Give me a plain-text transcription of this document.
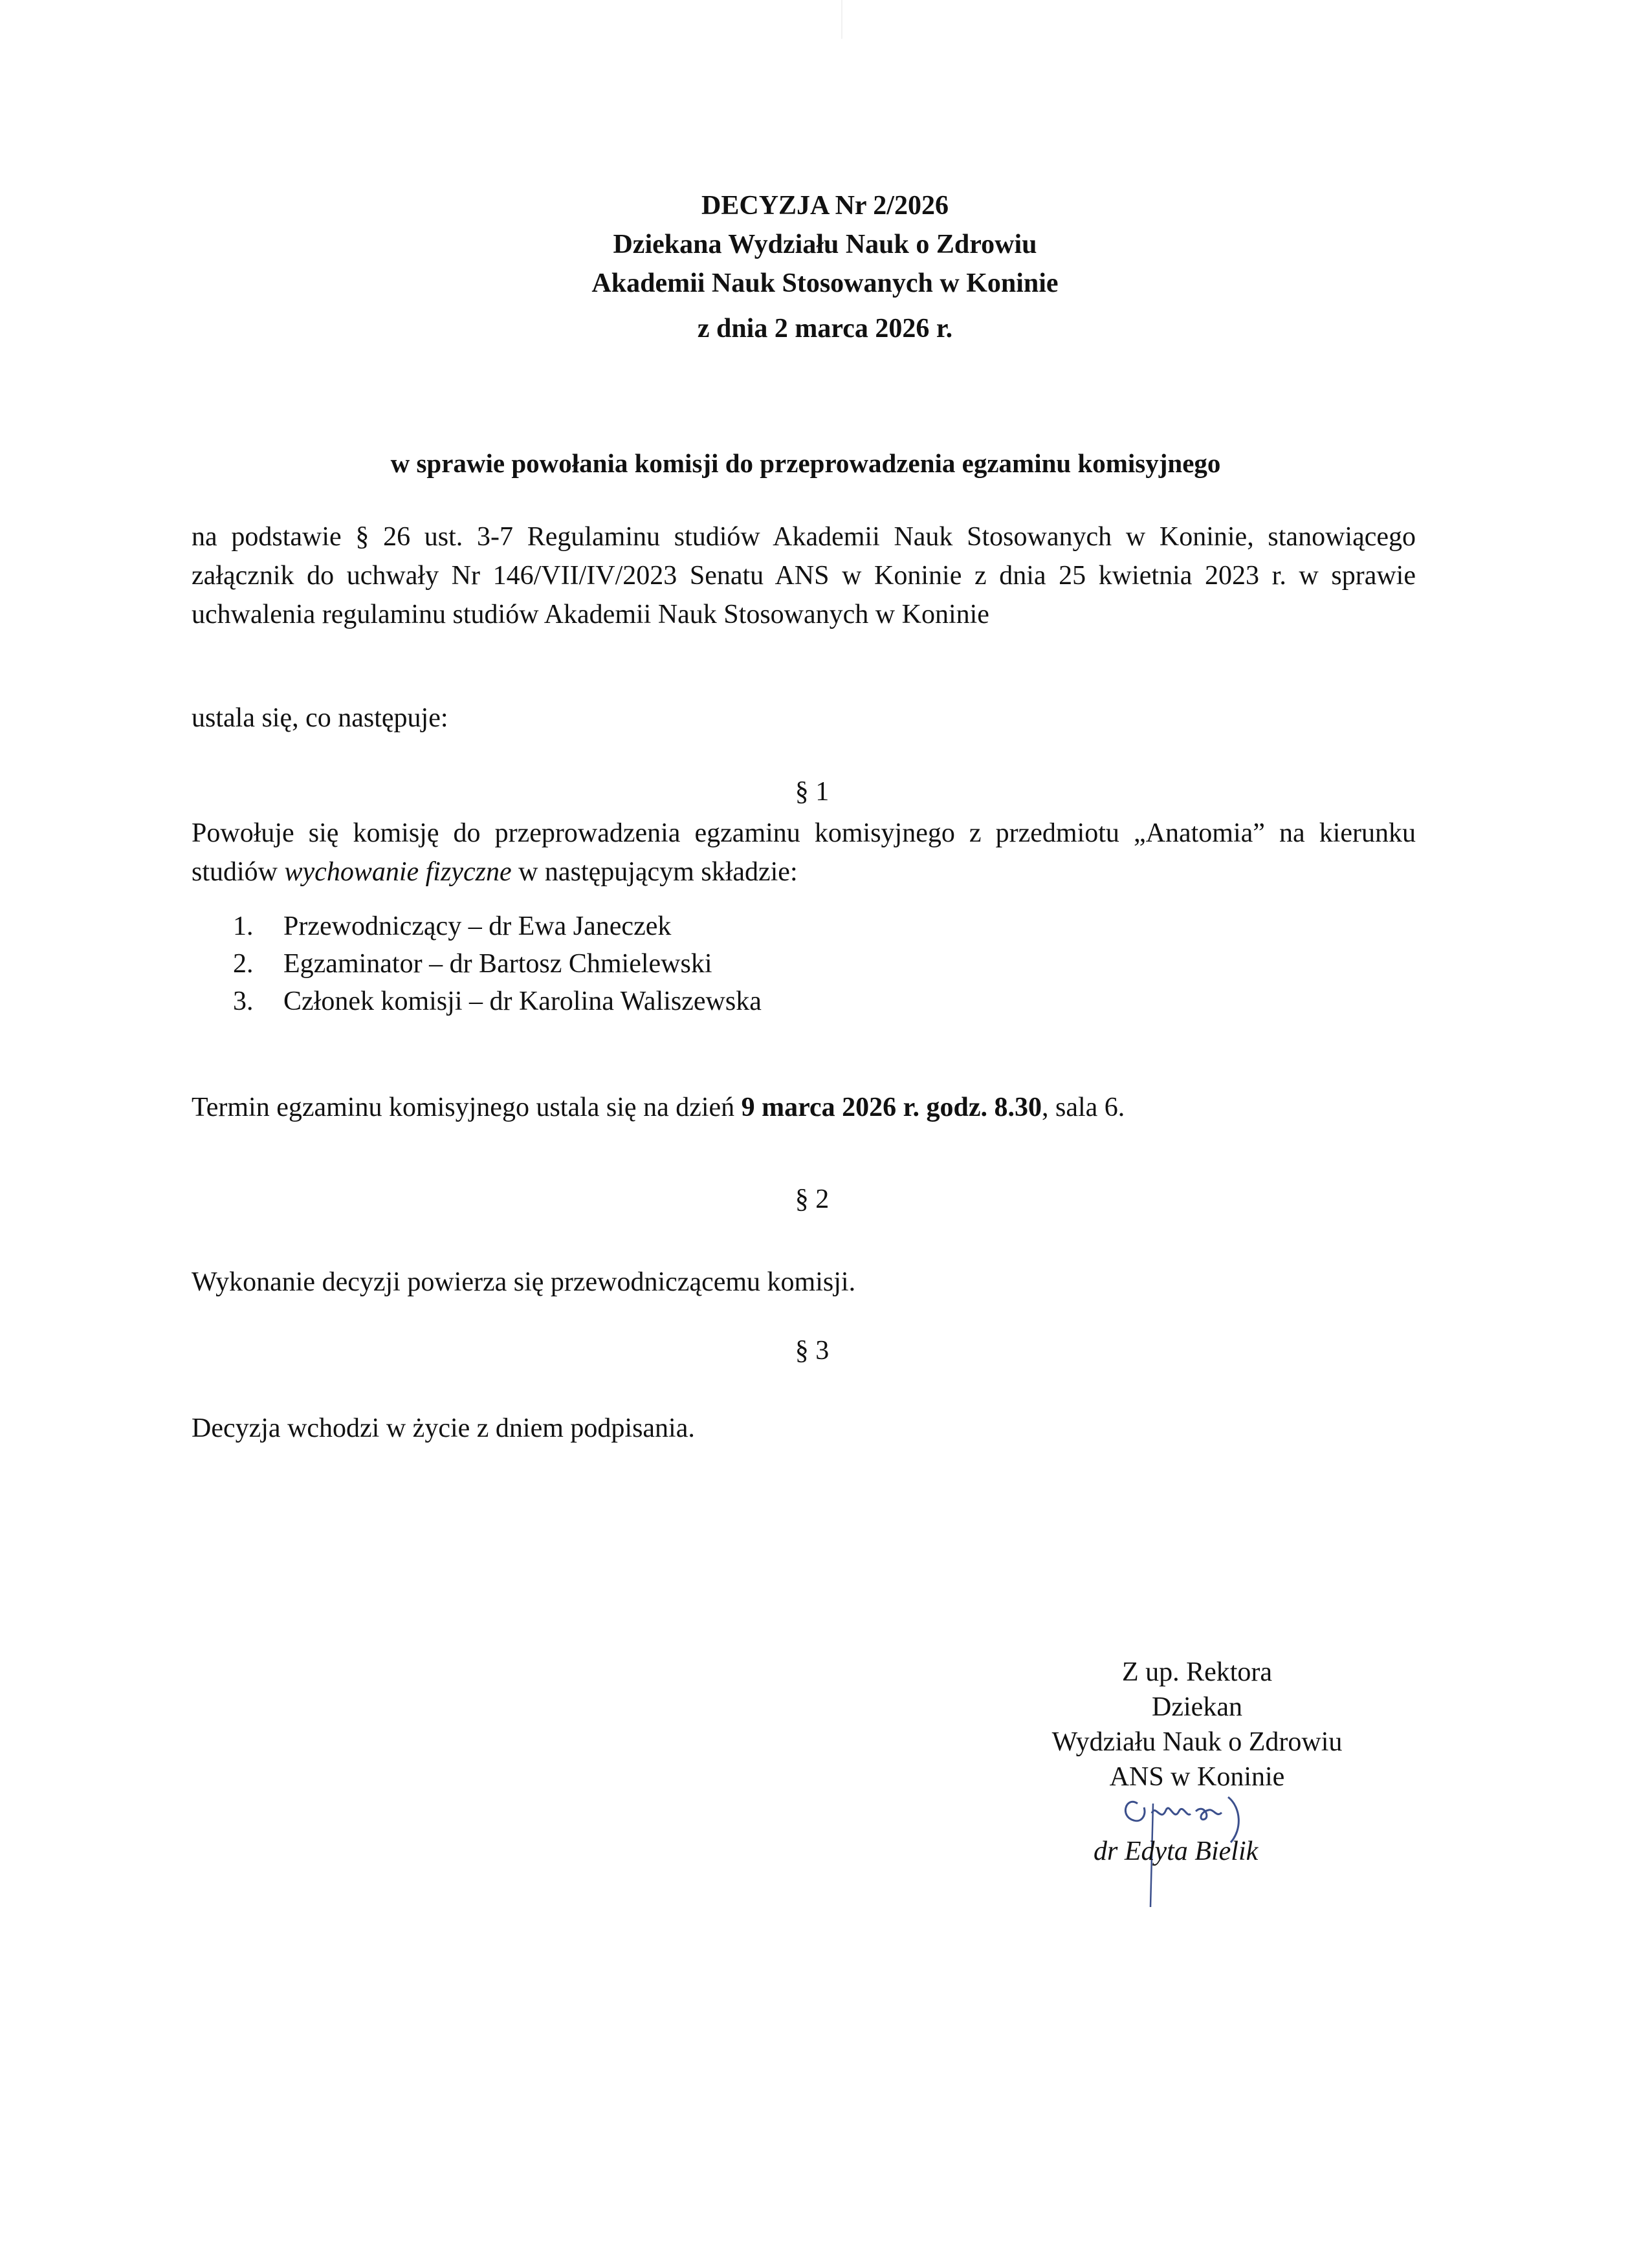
DECYZJA Nr 2/2026
Dziekana Wydziału Nauk o Zdrowiu
Akademii Nauk Stosowanych w Koninie
z dnia 2 marca 2026 r.
w sprawie powołania komisji do przeprowadzenia egzaminu komisyjnego
na podstawie § 26 ust. 3-7 Regulaminu studiów Akademii Nauk Stosowanych w Koninie, stanowiącego załącznik do uchwały Nr 146/VII/IV/2023 Senatu ANS w Koninie z dnia 25 kwietnia 2023 r. w sprawie uchwalenia regulaminu studiów Akademii Nauk Stosowanych w Koninie
ustala się, co następuje:
§ 1
Powołuje się komisję do przeprowadzenia egzaminu komisyjnego z przedmiotu „Anatomia” na kierunku studiów wychowanie fizyczne w następującym składzie:
1.	Przewodniczący – dr Ewa Janeczek
2.	Egzaminator – dr Bartosz Chmielewski
3.	Członek komisji – dr Karolina Waliszewska
Termin egzaminu komisyjnego ustala się na dzień 9 marca 2026 r. godz. 8.30, sala 6.
§ 2
Wykonanie decyzji powierza się przewodniczącemu komisji.
§ 3
Decyzja wchodzi w życie z dniem podpisania.
Z up. Rektora
Dziekan
Wydziału Nauk o Zdrowiu
ANS w Koninie
dr Edyta Bielik
